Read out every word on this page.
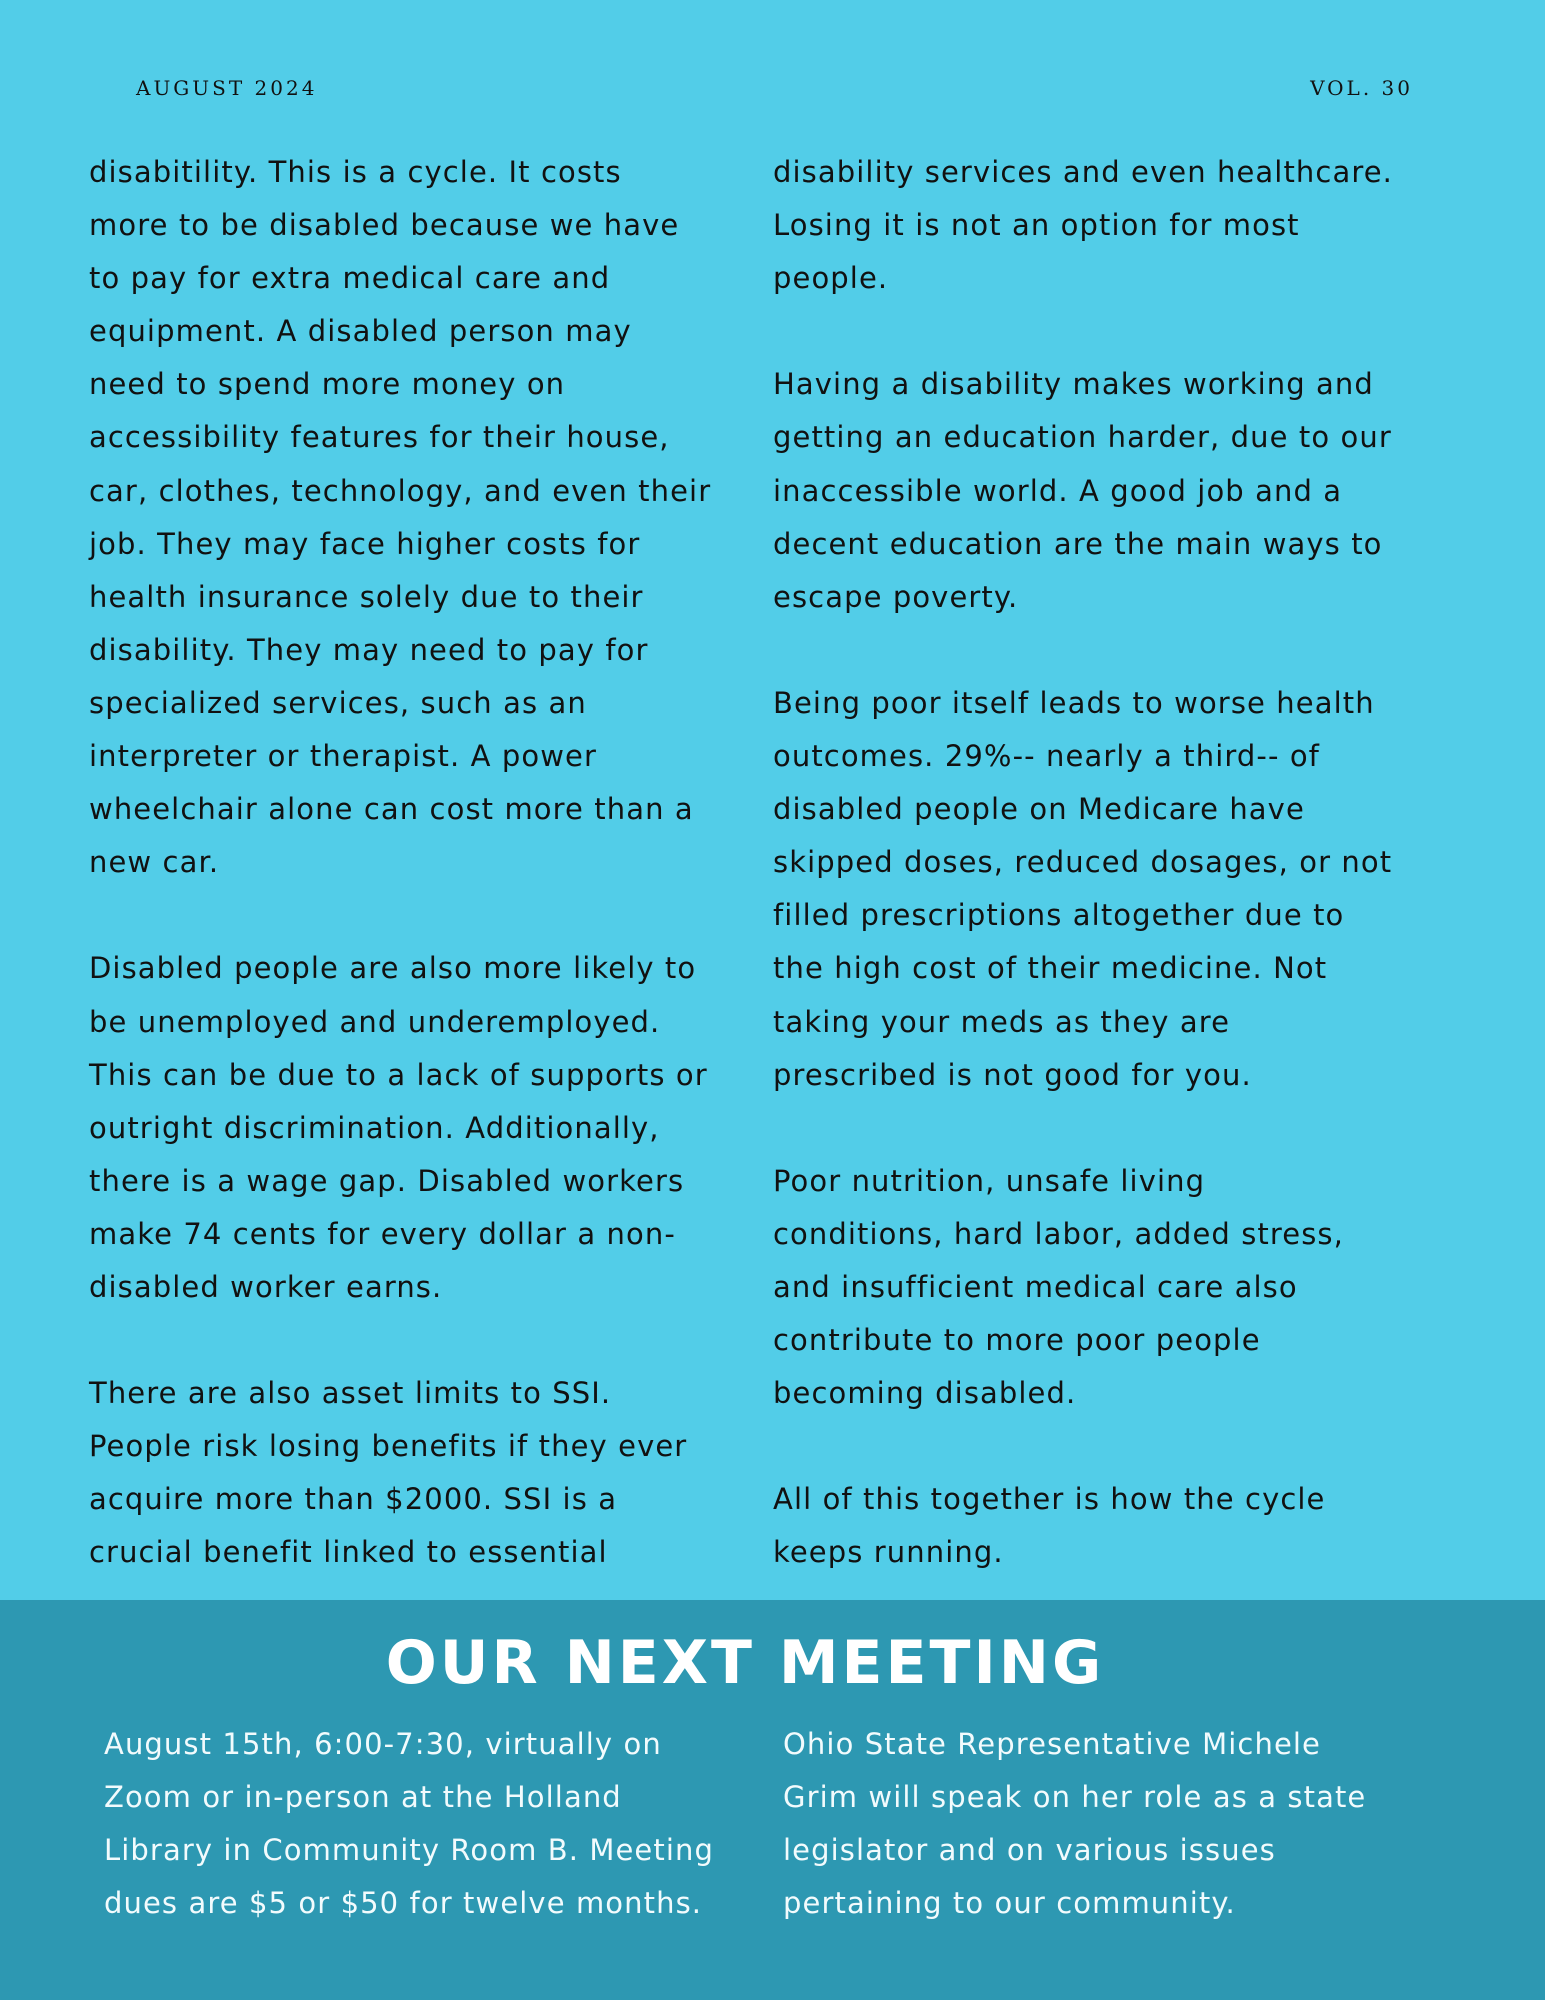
AUGUST 2024	VOL. 30
disabitility. This is a cycle. It costs
more to be disabled because we have
to pay for extra medical care and
equipment. A disabled person may
need to spend more money on
accessibility features for their house,
car, clothes, technology, and even their
job. They may face higher costs for
health insurance solely due to their
disability. They may need to pay for
specialized services, such as an
interpreter or therapist. A power
wheelchair alone can cost more than a
new car.
Disabled people are also more likely to
be unemployed and underemployed.
This can be due to a lack of supports or
outright discrimination. Additionally,
there is a wage gap. Disabled workers
make 74 cents for every dollar a non-
disabled worker earns.
There are also asset limits to SSI.
People risk losing benefits if they ever
acquire more than $2000. SSI is a
crucial benefit linked to essential
disability services and even healthcare.
Losing it is not an option for most
people.
Having a disability makes working and
getting an education harder, due to our
inaccessible world. A good job and a
decent education are the main ways to
escape poverty.
Being poor itself leads to worse health
outcomes. 29%-- nearly a third-- of
disabled people on Medicare have
skipped doses, reduced dosages, or not
filled prescriptions altogether due to
the high cost of their medicine. Not
taking your meds as they are
prescribed is not good for you.
Poor nutrition, unsafe living
conditions, hard labor, added stress,
and insufficient medical care also
contribute to more poor people
becoming disabled.
All of this together is how the cycle
keeps running.
OUR NEXT MEETING
August 15th, 6:00-7:30, virtually on
Zoom or in-person at the Holland
Library in Community Room B. Meeting
dues are $5 or $50 for twelve months.
Ohio State Representative Michele
Grim will speak on her role as a state
legislator and on various issues
pertaining to our community.
